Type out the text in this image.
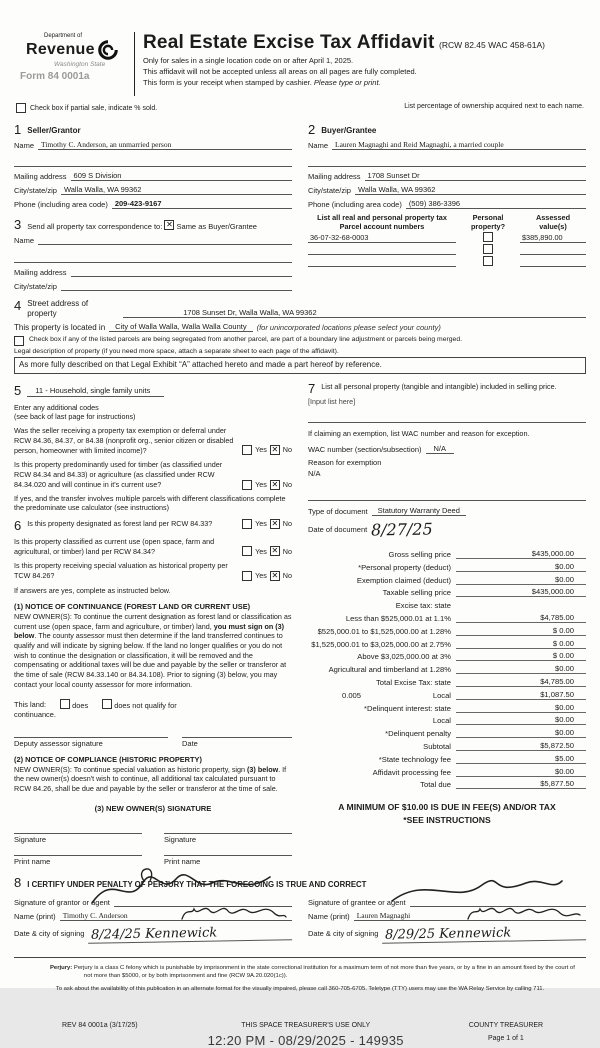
Department of
Revenue
Washington State
Form 84 0001a
Real Estate Excise Tax Affidavit (RCW 82.45 WAC 458-61A)
Only for sales in a single location code on or after April 1, 2025.
This affidavit will not be accepted unless all areas on all pages are fully completed.
This form is your receipt when stamped by cashier. Please type or print.
Check box if partial sale, indicate % sold.	List percentage of ownership acquired next to each name.
1 Seller/Grantor
Name Timothy C. Anderson, an unmarried person
Mailing address 609 S Division
City/state/zip Walla Walla, WA 99362
Phone (including area code) 209-423-9167
2 Buyer/Grantee
Name Lauren Magnaghi and Reid Magnaghi, a married couple
Mailing address 1708 Sunset Dr
City/state/zip Walla Walla, WA 99362
Phone (including area code) (509) 386-3396
3 Send all property tax correspondence to: ✕ Same as Buyer/Grantee
Name
Mailing address
City/state/zip
List all real and personal property tax
Parcel account numbers
Personal
property?
Assessed
value(s)
36-07-32-68-0003	$385,890.00
4 Street address of
property	1708 Sunset Dr, Walla Walla, WA 99362
This property is located in	City of Walla Walla, Walla Walla County	(for unincorporated locations please select your county)
Check box if any of the listed parcels are being segregated from another parcel, are part of a boundary line adjustment or parcels being merged.
Legal description of property (if you need more space, attach a separate sheet to each page of the affidavit).
As more fully described on that Legal Exhibit “A” attached hereto and made a part hereof by reference.
5	11 - Household, single family units
Enter any additional codes
(see back of last page for instructions)
Was the seller receiving a property tax exemption or deferral under RCW 84.36, 84.37, or 84.38 (nonprofit org., senior citizen or disabled person, homeowner with limited income)?	Yes ✕ No
Is this property predominantly used for timber (as classified under RCW 84.34 and 84.33) or agriculture (as classified under RCW 84.34.020 and will continue in it's current use?	Yes ✕ No
If yes, and the transfer involves multiple parcels with different classifications complete the predominate use calculator (see instructions)
6 Is this property designated as forest land per RCW 84.33?	Yes ✕ No
Is this property classified as current use (open space, farm and agricultural, or timber) land per RCW 84.34?	Yes ✕ No
Is this property receiving special valuation as historical property per TCW 84.26?	Yes ✕ No
If answers are yes, complete as instructed below.
(1) NOTICE OF CONTINUANCE (FOREST LAND OR CURRENT USE)
NEW OWNER(S): To continue the current designation as forest land or classification as current use (open space, farm and agriculture, or timber) land, you must sign on (3) below. The county assessor must then determine if the land transferred continues to qualify and will indicate by signing below. If the land no longer qualifies or you do not wish to continue the designation or classification, it will be removed and the compensating or additional taxes will be due and payable by the seller or transferor at the time of sale (RCW 84.33.140 or 84.34.108). Prior to signing (3) below, you may contact your local county assessor for more information.
This land:	does	does not qualify for
continuance.
Deputy assessor signature	Date
(2) NOTICE OF COMPLIANCE (HISTORIC PROPERTY)
NEW OWNER(S): To continue special valuation as historic property, sign (3) below. If the new owner(s) doesn't wish to continue, all additional tax calculated pursuant to RCW 84.26, shall be due and payable by the seller or transferor at the time of sale.
(3) NEW OWNER(S) SIGNATURE
Signature	Signature
Print name	Print name
7 List all personal property (tangible and intangible) included in selling price.
[Input list here]
If claiming an exemption, list WAC number and reason for exception.
WAC number (section/subsection)	N/A
Reason for exemption
N/A
Type of document	Statutory Warranty Deed
Date of document 8/27/25
Gross selling price	$435,000.00
*Personal property (deduct)	$0.00
Exemption claimed (deduct)	$0.00
Taxable selling price	$435,000.00
Excise tax: state
Less than $525,000.01 at 1.1%	$4,785.00
$525,000.01 to $1,525,000.00 at 1.28%	$ 0.00
$1,525,000.01 to $3,025,000.00 at 2.75%	$ 0.00
Above $3,025,000.00 at 3%	$ 0.00
Agricultural and timberland at 1.28%	$0.00
Total Excise Tax: state	$4,785.00
0.005	Local	$1,087.50
*Delinquent interest: state	$0.00
Local	$0.00
*Delinquent penalty	$0.00
Subtotal	$5,872.50
*State technology fee	$5.00
Affidavit processing fee	$0.00
Total due	$5,877.50
A MINIMUM OF $10.00 IS DUE IN FEE(S) AND/OR TAX
*SEE INSTRUCTIONS
8 I CERTIFY UNDER PENALTY OF PERJURY THAT THE FOREGOING IS TRUE AND CORRECT
Signature of grantor or agent
Name (print) Timothy C. Anderson
Date & city of signing 8/24/25 Kennewick
Signature of grantee or agent
Name (print) Lauren Magnaghi
Date & city of signing 8/29/25 Kennewick
Perjury: Perjury is a class C felony which is punishable by imprisonment in the state correctional institution for a maximum term of not more than five years, or by a fine in an amount fixed by the court of not more than $5000, or by both imprisonment and fine (RCW 9A.20.020(1c)).
To ask about the availability of this publication in an alternate format for the visually impaired, please call 360-705-6705. Teletype (TTY) users may use the WA Relay Service by calling 711.
REV 84 0001a (3/17/25)	THIS SPACE TREASURER'S USE ONLY
12:20 PM - 08/29/2025 - 149935
COUNTY TREASURER
Page 1 of 1
